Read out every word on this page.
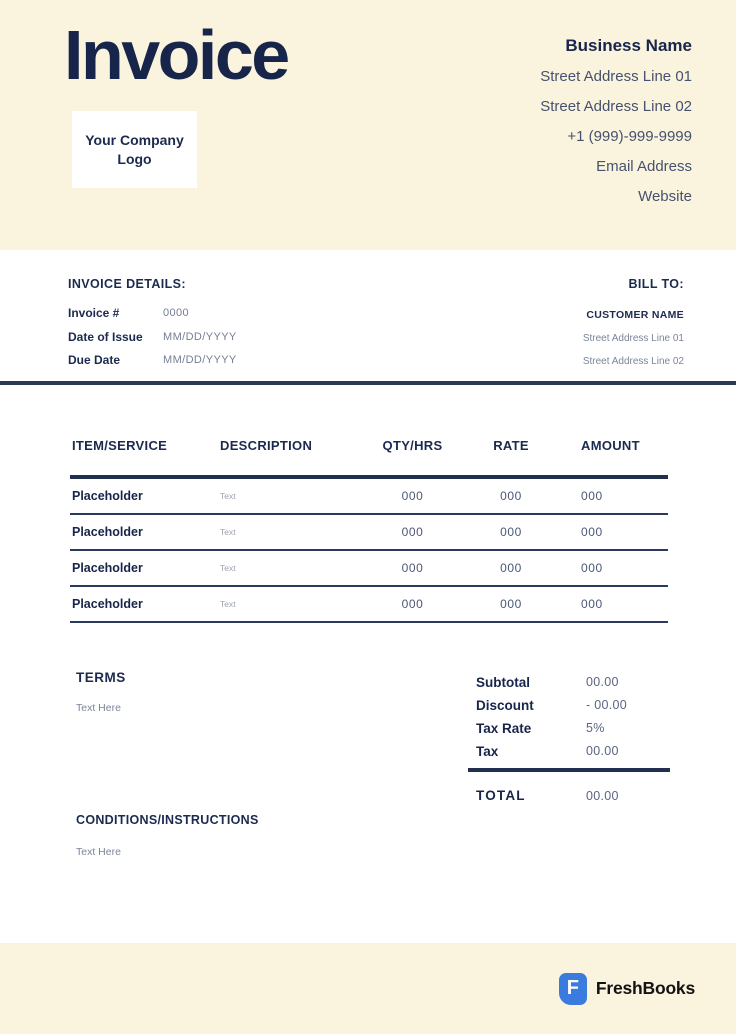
Invoice
Your Company
Logo
Business Name
Street Address Line 01
Street Address Line 02
+1 (999)-999-9999
Email Address
Website
INVOICE DETAILS:
Invoice #	0000
Date of Issue	MM/DD/YYYY
Due Date	MM/DD/YYYY
BILL TO:
CUSTOMER NAME
Street Address Line 01
Street Address Line 02
ITEM/SERVICE	DESCRIPTION	QTY/HRS	RATE	AMOUNT
Placeholder	Text	000	000	000
Placeholder	Text	000	000	000
Placeholder	Text	000	000	000
Placeholder	Text	000	000	000
TERMS
Text Here
Subtotal	00.00
Discount	- 00.00
Tax Rate	5%
Tax	00.00
TOTAL	00.00
CONDITIONS/INSTRUCTIONS
Text Here
F FreshBooks
